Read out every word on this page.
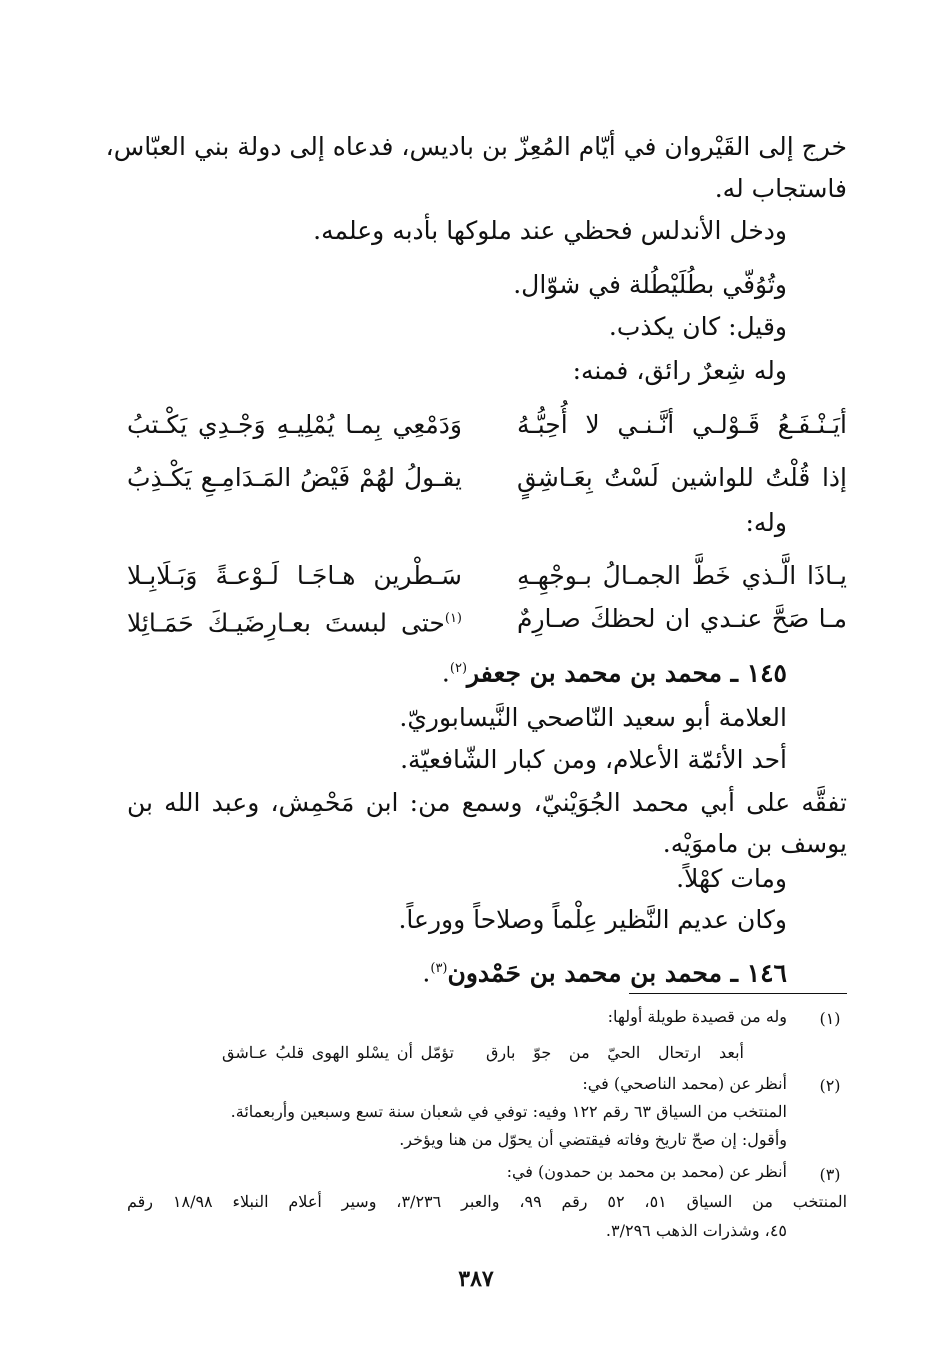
خرج إلى القَيْروان في أيّام المُعِزّ بن باديس، فدعاه إلى دولة بني العبّاس،
فاستجاب له.
ودخل الأندلس فحظي عند ملوكها بأدبه وعلمه.
وتُوُفّي بطُلَيْطُلة في شوّال.
وقيل: كان يكذب.
وله شِعرٌ رائق، فمنه:
أيَـنْـفَـعُ قَـوْلـي أنَّـنـي لا أُحِبُّـهُ
وَدَمْعِي بِمـا يُمْلِيـهِ وَجْـدِي يَكْـتبُ
إذا قُلْتُ للواشين لَسْتُ بِعَـاشِقٍ
يقـولُ لهُمْ فَيْضُ المَـدَامِـعِ يَكْـذِبُ
وله:
يـاذَا الَّـذي خَطَّ الجمـالُ بـوجْهِـهِ
سَـطْرين هـاجَـا لَـوْعـةً وَبَـلَابِـلا
مـا صَحَّ عنـدي ان لحظكَ صـارِمٌ
$^{(١)}$حتى لبستَ بعـارِضَيـكَ حَمَـائِلا
١٤٥ ـ محمد بن محمد بن جعفر$^{(٢)}$.
العلامة أبو سعيد النّاصحي النَّيسابوريّ.
أحد الأئمّة الأعلام، ومن كبار الشّافعيّة.
تفقَّه على أبي محمد الجُوَيْنيّ، وسمع من: ابن مَحْمِش، وعبد الله بن
يوسف بن ماموَيْه.
ومات كهْلاً.
وكان عديم النَّظير عِلْماً وصلاحاً وورعاً.
١٤٦ ـ محمد بن محمد بن حَمْدون$^{(٣)}$.
(١)
وله من قصيدة طويلة أولها:
أبعد ارتحال الحيّ من جوّ بارق
تؤمّل أن يسْلو الهوى قلبُ عـاشق
(٢)
أنظر عن (محمد الناصحي) في:
المنتخب من السياق ٦٣ رقم ١٢٢ وفيه: توفي في شعبان سنة تسع وسبعين وأربعمائة.
وأقول: إن صحّ تاريخ وفاته فيقتضي أن يحوّل من هنا ويؤخر.
(٣)
أنظر عن (محمد بن محمد بن حمدون) في:
المنتخب من السياق ٥١، ٥٢ رقم ٩٩، والعبر ٣/٢٣٦، وسير أعلام النبلاء ١٨/٩٨ رقم
٤٥، وشذرات الذهب ٣/٢٩٦.
٣٨٧
